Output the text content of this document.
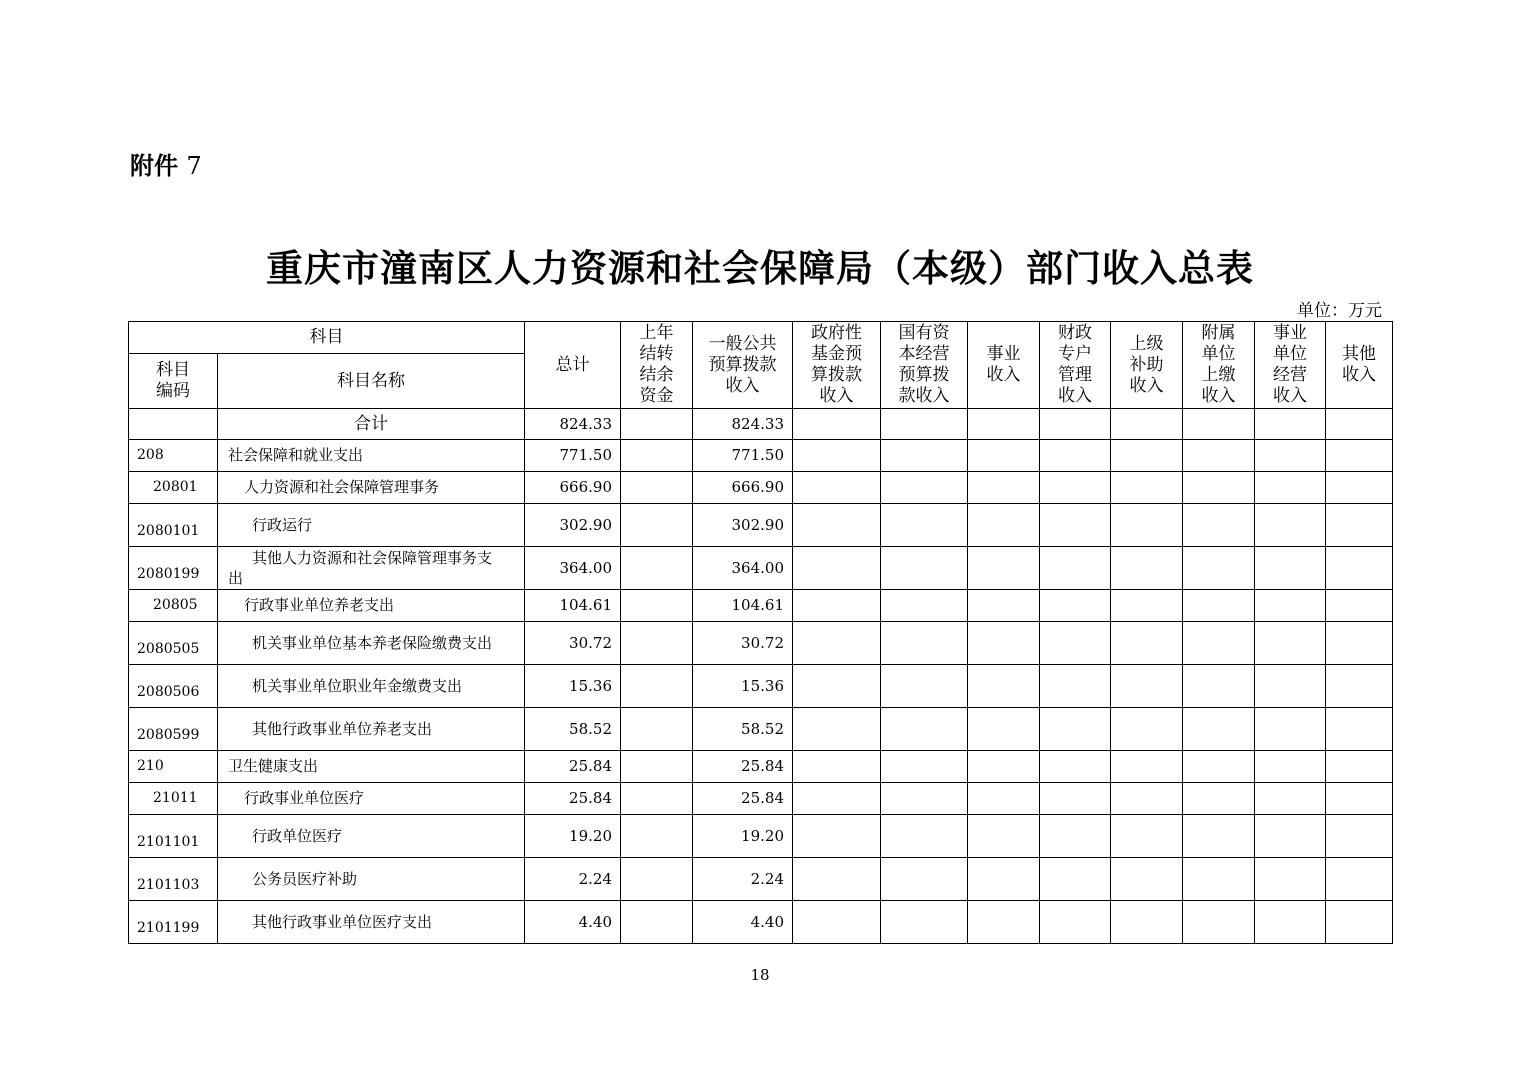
附件 7
重庆市潼南区人力资源和社会保障局（本级）部门收入总表
单位：万元
科目		总计	上年结转结余资金	一般公共预算拨款收入	政府性基金预算拨款收入	国有资本经营预算拨款收入	事业收入	财政专户管理收入	上级补助收入	附属单位上缴收入	事业单位经营收入	其他收入

科目编码	科目名称											
	合计	824.33		824.33								
208	社会保障和就业支出	771.50		771.50								
20801	人力资源和社会保障管理事务	666.90		666.90								
2080101	行政运行	302.90		302.90								
2080199	其他人力资源和社会保障管理事务支
出	364.00		364.00								
20805	行政事业单位养老支出	104.61		104.61								
2080505	机关事业单位基本养老保险缴费支出	30.72		30.72								
2080506	机关事业单位职业年金缴费支出	15.36		15.36								
2080599	其他行政事业单位养老支出	58.52		58.52								
210	卫生健康支出	25.84		25.84								
21011	行政事业单位医疗	25.84		25.84								
2101101	行政单位医疗	19.20		19.20								
2101103	公务员医疗补助	2.24		2.24								
2101199	其他行政事业单位医疗支出	4.40		4.40								
18
